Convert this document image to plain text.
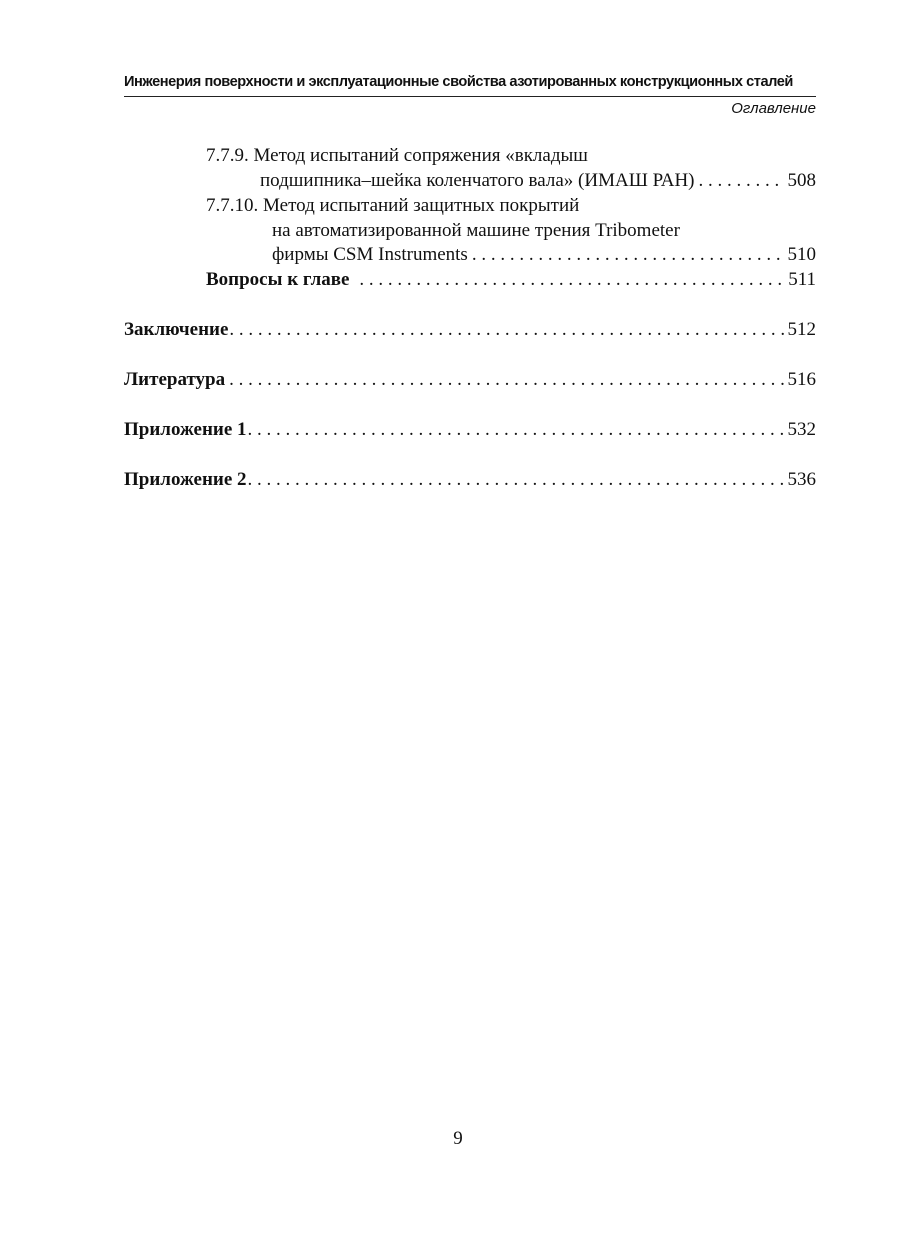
Инженерия поверхности и эксплуатационные свойства азотированных конструкционных сталей
Оглавление
7.7.9. Метод испытаний сопряжения «вкладыш
подшипника–шейка коленчатого вала» (ИМАШ РАН) . . .	508
7.7.10. Метод испытаний защитных покрытий
на автоматизированной машине трения Tribometer
фирмы CSM Instruments . . .	510
Вопросы к главе . . .	511
Заключение . . .	512
Литература . . .	516
Приложение 1 . . .	532
Приложение 2 . . .	536
9
